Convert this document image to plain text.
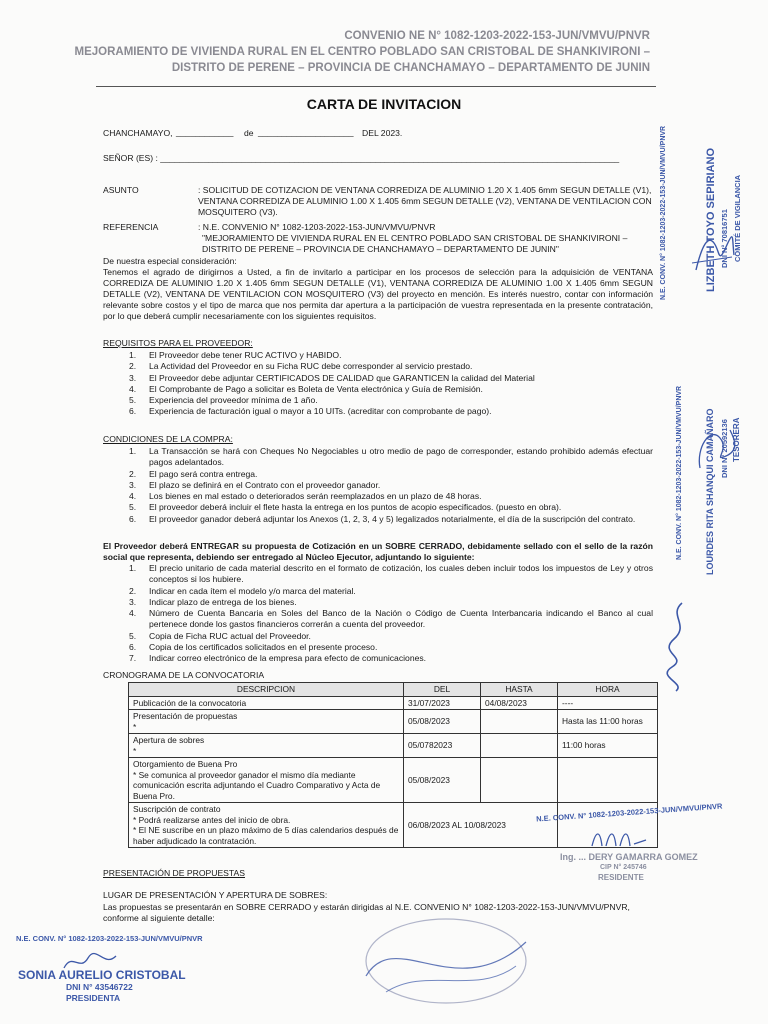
CONVENIO NE N° 1082-1203-2022-153-JUN/VMVU/PNVR
MEJORAMIENTO DE VIVIENDA RURAL EN EL CENTRO POBLADO SAN CRISTOBAL DE SHANKIVIRONI –
DISTRITO DE PERENE – PROVINCIA DE CHANCHAMAYO – DEPARTAMENTO DE JUNIN
CARTA DE INVITACION
CHANCHAMAYO, ____________ de ____________________ DEL 2023.
SEÑOR (ES) : ________________________________________________________________________________________________
ASUNTO	: SOLICITUD DE COTIZACION DE VENTANA CORREDIZA DE ALUMINIO 1.20 X 1.405 6mm SEGUN DETALLE (V1),
VENTANA CORREDIZA DE ALUMINIO 1.00 X 1.405 6mm SEGUN DETALLE (V2), VENTANA DE VENTILACION CON
MOSQUITERO (V3).
REFERENCIA	: N.E. CONVENIO N° 1082-1203-2022-153-JUN/VMVU/PNVR
"MEJORAMIENTO DE VIVIENDA RURAL EN EL CENTRO POBLADO SAN CRISTOBAL DE SHANKIVIRONI –
DISTRITO DE PERENE – PROVINCIA DE CHANCHAMAYO – DEPARTAMENTO DE JUNIN"
De nuestra especial consideración:
Tenemos el agrado de dirigirnos a Usted, a fin de invitarlo a participar en los procesos de selección para la adquisición de VENTANA CORREDIZA DE ALUMINIO 1.20 X 1.405 6mm SEGUN DETALLE (V1), VENTANA CORREDIZA DE ALUMINIO 1.00 X 1.405 6mm SEGUN DETALLE (V2), VENTANA DE VENTILACION CON MOSQUITERO (V3) del proyecto en mención. Es interés nuestro, contar con información relevante sobre costos y el tipo de marca que nos permita dar apertura a la participación de vuestra representada en la presente contratación, por lo que deberá cumplir necesariamente con los siguientes requisitos.
REQUISITOS PARA EL PROVEEDOR:
1. El Proveedor debe tener RUC ACTIVO y HABIDO.
2. La Actividad del Proveedor en su Ficha RUC debe corresponder al servicio prestado.
3. El Proveedor debe adjuntar CERTIFICADOS DE CALIDAD que GARANTICEN la calidad del Material
4. El Comprobante de Pago a solicitar es Boleta de Venta electrónica y Guía de Remisión.
5. Experiencia del proveedor mínima de 1 año.
6. Experiencia de facturación igual o mayor a 10 UITs. (acreditar con comprobante de pago).
CONDICIONES DE LA COMPRA:
1. La Transacción se hará con Cheques No Negociables u otro medio de pago de corresponder, estando prohibido además efectuar pagos adelantados.
2. El pago será contra entrega.
3. El plazo se definirá en el Contrato con el proveedor ganador.
4. Los bienes en mal estado o deteriorados serán reemplazados en un plazo de 48 horas.
5. El proveedor deberá incluir el flete hasta la entrega en los puntos de acopio especificados. (puesto en obra).
6. El proveedor ganador deberá adjuntar los Anexos (1, 2, 3, 4 y 5) legalizados notarialmente, el día de la suscripción del contrato.
El Proveedor deberá ENTREGAR su propuesta de Cotización en un SOBRE CERRADO, debidamente sellado con el sello de la razón social que representa, debiendo ser entregado al Núcleo Ejecutor, adjuntando lo siguiente:
1. El precio unitario de cada material descrito en el formato de cotización, los cuales deben incluir todos los impuestos de Ley y otros conceptos si los hubiere.
2. Indicar en cada ítem el modelo y/o marca del material.
3. Indicar plazo de entrega de los bienes.
4. Número de Cuenta Bancaria en Soles del Banco de la Nación o Código de Cuenta Interbancaria indicando el Banco al cual pertenece donde los gastos financieros correrán a cuenta del proveedor.
5. Copia de Ficha RUC actual del Proveedor.
6. Copia de los certificados solicitados en el presente proceso.
7. Indicar correo electrónico de la empresa para efecto de comunicaciones.
CRONOGRAMA DE LA CONVOCATORIA
DESCRIPCION	DEL	HASTA	HORA
Publicación de la convocatoria	31/07/2023	04/08/2023	----
Presentación de propuestas
*	05/08/2023		Hasta las 11:00 horas
Apertura de sobres
*	05/0782023		11:00 horas
Otorgamiento de Buena Pro
* Se comunica al proveedor ganador el mismo día mediante comunicación escrita adjuntando el Cuadro Comparativo y Acta de Buena Pro.	05/08/2023		
Suscripción de contrato
* Podrá realizarse antes del inicio de obra.
* El NE suscribe en un plazo máximo de 5 días calendarios después de haber adjudicado la contratación.	06/08/2023 AL 10/08/2023		
PRESENTACIÓN DE PROPUESTAS
LUGAR DE PRESENTACIÓN Y APERTURA DE SOBRES:
Las propuestas se presentarán en SOBRE CERRADO y estarán dirigidas al N.E. CONVENIO N° 1082-1203-2022-153-JUN/VMVU/PNVR,
conforme al siguiente detalle:
N.E. CONV. N° 1082-1203-2022-153-JUN/VMVU/PNVR	LIZBETH TOYO SEPIRIANO DNI N° 70816751 COMITÉ DE VIGILANCIA
N.E. CONV. N° 1082-1203-2022-153-JUN/VMVU/PNVR LOURDES RITA SHANQUI CAMAÑARO DNI N° 20592136 TESORERA
N.E. CONV. N° 1082-1203-2022-153-JUN/VMVU/PNVR
Ing. ... DERY GAMARRA GOMEZ
CIP N° 245746
RESIDENTE
N.E. CONV. N° 1082-1203-2022-153-JUN/VMVU/PNVR
SONIA AURELIO CRISTOBAL
DNI N° 43546722
PRESIDENTA
